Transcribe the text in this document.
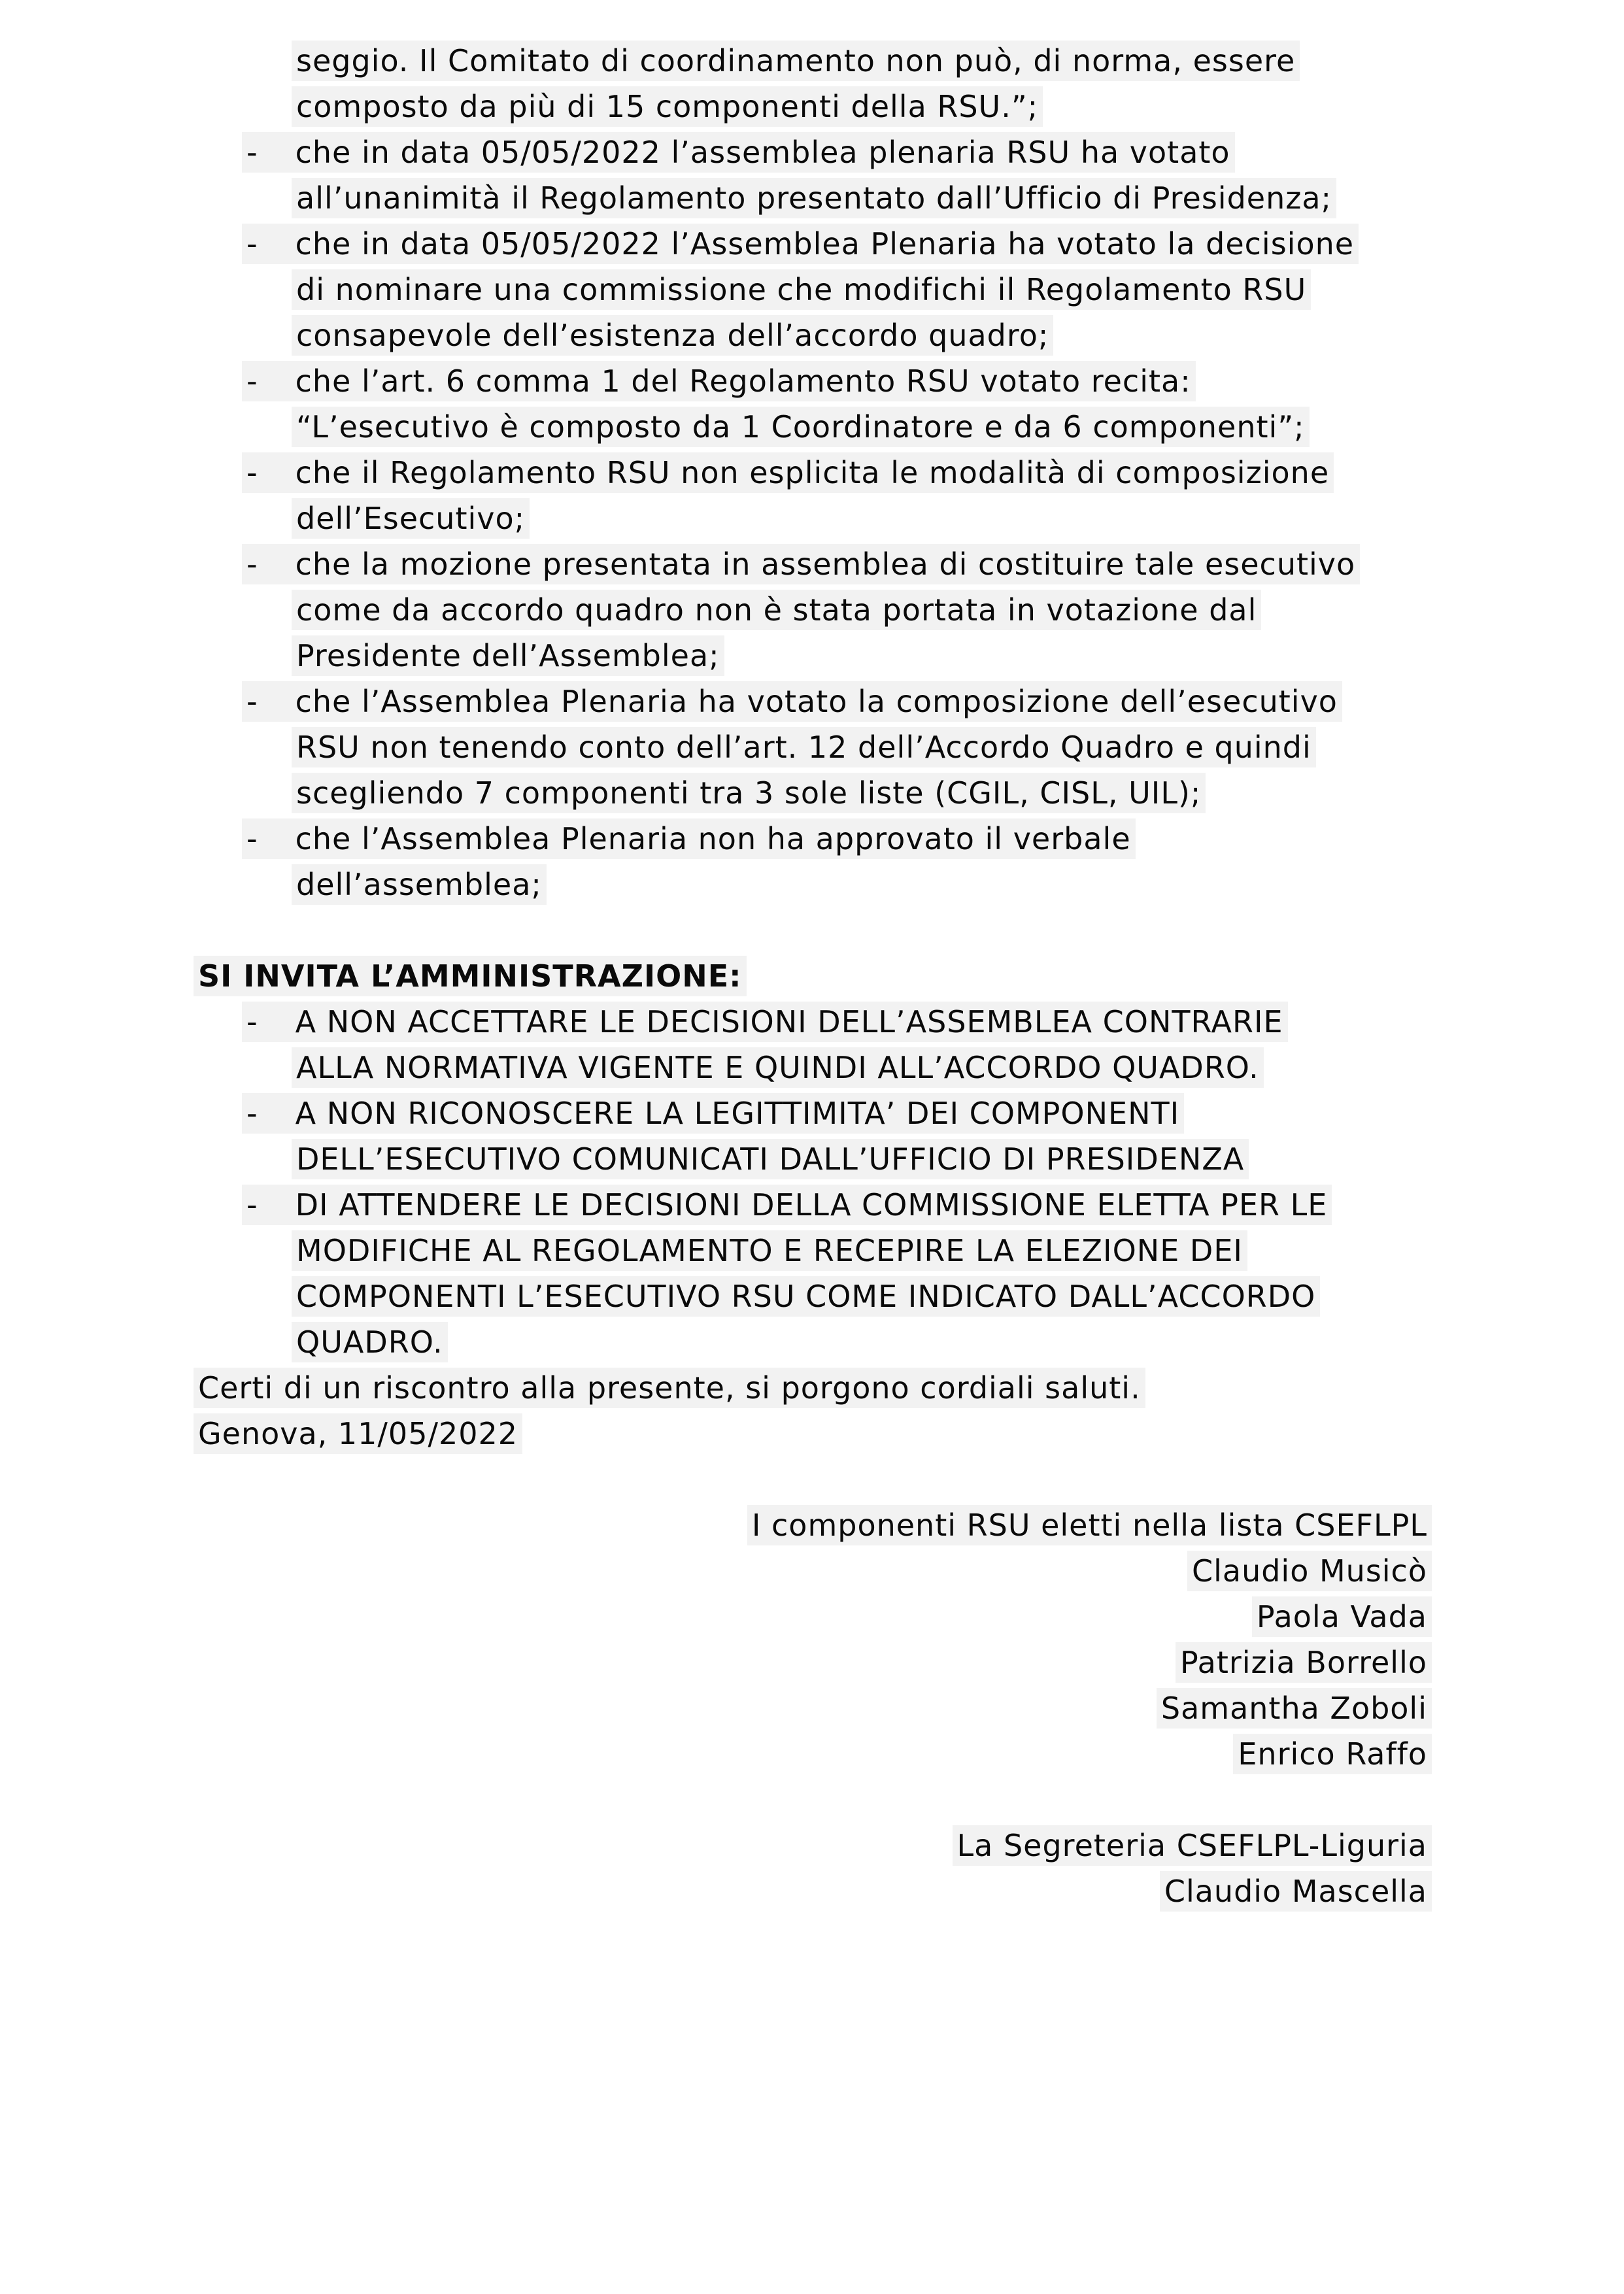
seggio. Il Comitato di coordinamento non può, di norma, essere
composto da più di 15 componenti della RSU.”;
- che in data 05/05/2022 l’assemblea plenaria RSU ha votato
all’unanimità il Regolamento presentato dall’Ufficio di Presidenza;
- che in data 05/05/2022 l’Assemblea Plenaria ha votato la decisione
di nominare una commissione che modifichi il Regolamento RSU
consapevole dell’esistenza dell’accordo quadro;
- che l’art. 6 comma 1 del Regolamento RSU votato recita:
“L’esecutivo è composto da 1 Coordinatore e da 6 componenti”;
- che il Regolamento RSU non esplicita le modalità di composizione
dell’Esecutivo;
- che la mozione presentata in assemblea di costituire tale esecutivo
come da accordo quadro non è stata portata in votazione dal
Presidente dell’Assemblea;
- che l’Assemblea Plenaria ha votato la composizione dell’esecutivo
RSU non tenendo conto dell’art. 12 dell’Accordo Quadro e quindi
scegliendo 7 componenti tra 3 sole liste (CGIL, CISL, UIL);
- che l’Assemblea Plenaria non ha approvato il verbale
dell’assemblea;
SI INVITA L’AMMINISTRAZIONE:
- A NON ACCETTARE LE DECISIONI DELL’ASSEMBLEA CONTRARIE
ALLA NORMATIVA VIGENTE E QUINDI ALL’ACCORDO QUADRO.
- A NON RICONOSCERE LA LEGITTIMITA’ DEI COMPONENTI
DELL’ESECUTIVO COMUNICATI DALL’UFFICIO DI PRESIDENZA
- DI ATTENDERE LE DECISIONI DELLA COMMISSIONE ELETTA PER LE
MODIFICHE AL REGOLAMENTO E RECEPIRE LA ELEZIONE DEI
COMPONENTI L’ESECUTIVO RSU COME INDICATO DALL’ACCORDO
QUADRO.
Certi di un riscontro alla presente, si porgono cordiali saluti.
Genova, 11/05/2022
I componenti RSU eletti nella lista CSEFLPL
Claudio Musicò
Paola Vada
Patrizia Borrello
Samantha Zoboli
Enrico Raffo
La Segreteria CSEFLPL-Liguria
Claudio Mascella
